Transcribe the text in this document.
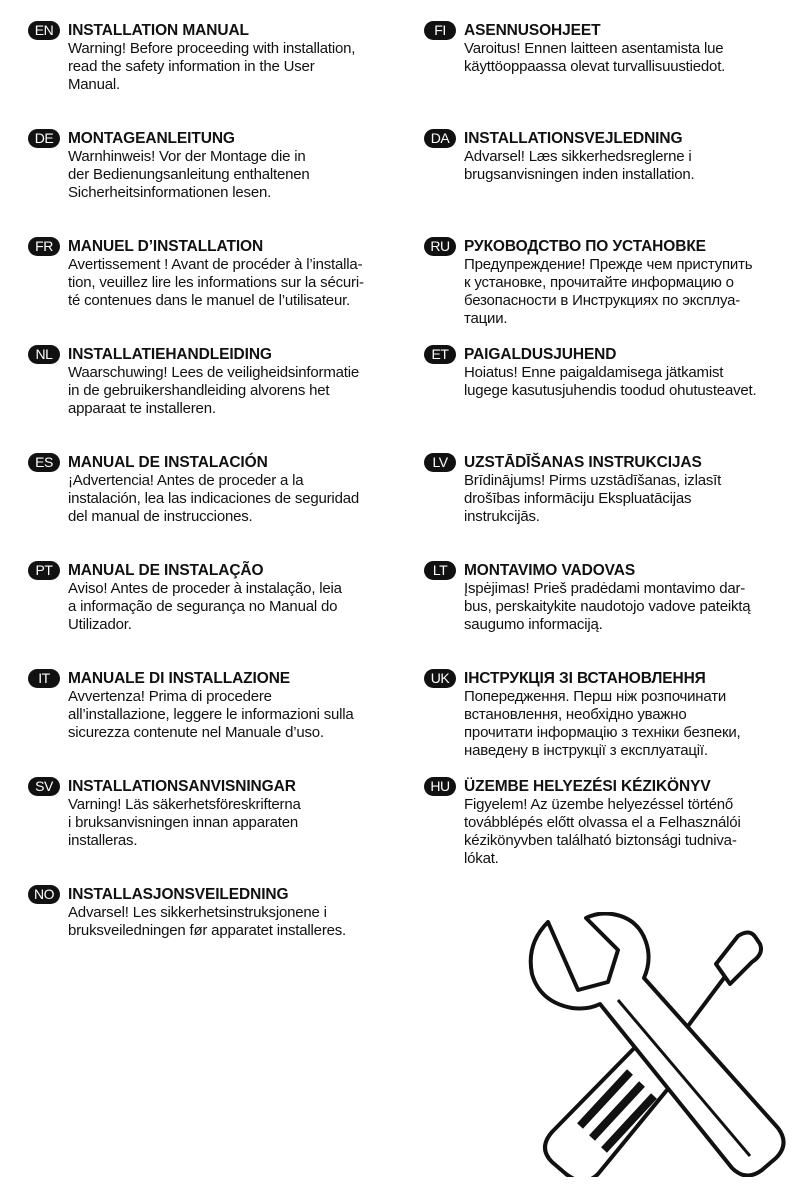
EN INSTALLATION MANUAL
Warning! Before proceeding with installation,
read the safety information in the User
Manual.
DE MONTAGEANLEITUNG
Warnhinweis! Vor der Montage die in
der Bedienungsanleitung enthaltenen
Sicherheitsinformationen lesen.
FR MANUEL D’INSTALLATION
Avertissement ! Avant de procéder à l’installa-
tion, veuillez lire les informations sur la sécuri-
té contenues dans le manuel de l’utilisateur.
NL	INSTALLATIEHANDLEIDING
Waarschuwing! Lees de veiligheidsinformatie
in de gebruikershandleiding alvorens het
apparaat te installeren.
ES MANUAL DE INSTALACIÓN
¡Advertencia! Antes de proceder a la
instalación, lea las indicaciones de seguridad
del manual de instrucciones.
PT	MANUAL DE INSTALAÇÃO
Aviso! Antes de proceder à instalação, leia
a informação de segurança no Manual do
Utilizador.
IT	MANUALE DI INSTALLAZIONE
Avvertenza! Prima di procedere
all’installazione, leggere le informazioni sulla
sicurezza contenute nel Manuale d’uso.
SV INSTALLATIONSANVISNINGAR
Varning! Läs säkerhetsföreskrifterna
i bruksanvisningen innan apparaten
installeras.
NO INSTALLASJONSVEILEDNING
Advarsel! Les sikkerhetsinstruksjonene i
bruksveiledningen før apparatet installeres.
FI	ASENNUSOHJEET
Varoitus! Ennen laitteen asentamista lue
käyttöoppaassa olevat turvallisuustiedot.
DA INSTALLATIONSVEJLEDNING
Advarsel! Læs sikkerhedsreglerne i
brugsanvisningen inden installation.
RU РУКОВОДСТВО ПО УСТАНОВКЕ
Предупреждение! Прежде чем приступить
к установке, прочитайте информацию о
безопасности в Инструкциях по эксплуа-
тации.
ET	PAIGALDUSJUHEND
Hoiatus! Enne paigaldamisega jätkamist
lugege kasutusjuhendis toodud ohutusteavet.
LV	UZSTĀDĪŠANAS INSTRUKCIJAS
Brīdinājums! Pirms uzstādīšanas, izlasīt
drošības informāciju Ekspluatācijas
instrukcijās.
LT	MONTAVIMO VADOVAS
Įspėjimas! Prieš pradėdami montavimo dar-
bus, perskaitykite naudotojo vadove pateiktą
saugumo informaciją.
UK ІНСТРУКЦІЯ ЗІ ВСТАНОВЛЕННЯ
Попередження. Перш ніж розпочинати
встановлення, необхідно уважно
прочитати інформацію з техніки безпеки,
наведену в інструкції з експлуатації.
HU ÜZEMBE HELYEZÉSI KÉZIKÖNYV
Figyelem! Az üzembe helyezéssel történő
továbblépés előtt olvassa el a Felhasználói
kézikönyvben található biztonsági tudniva-
lókat.
